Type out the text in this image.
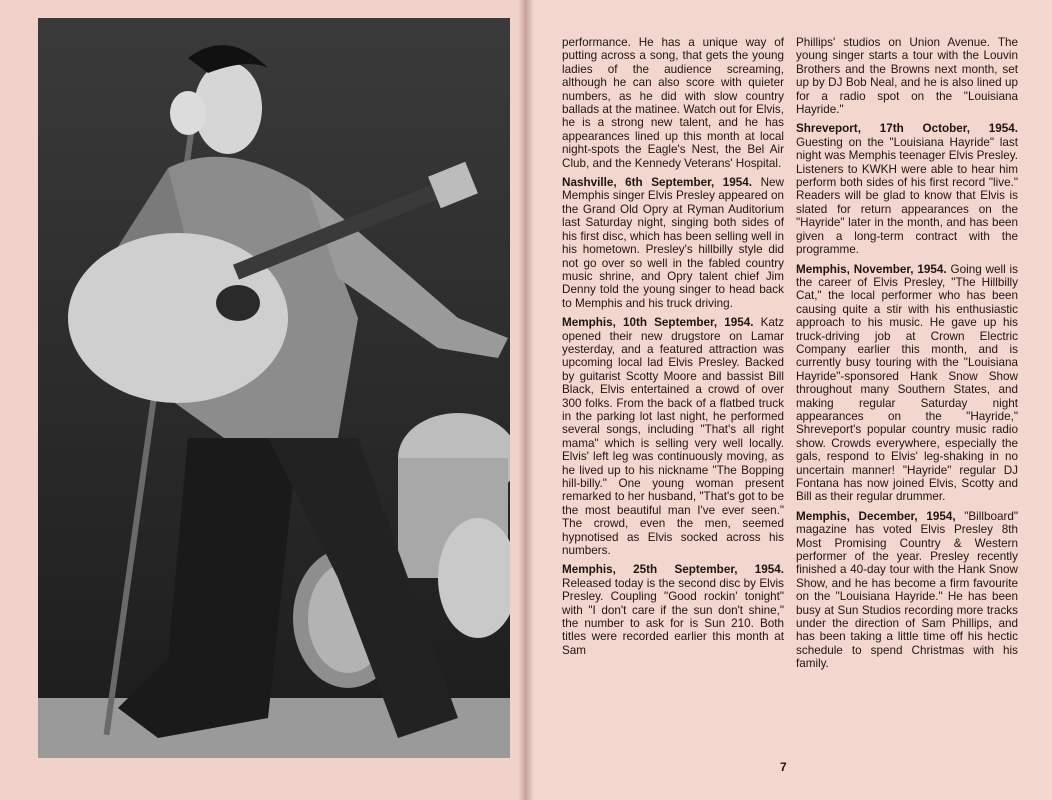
performance. He has a unique way of putting across a song, that gets the young ladies of the audience screaming, although he can also score with quieter numbers, as he did with slow country ballads at the matinee. Watch out for Elvis, he is a strong new talent, and he has appearances lined up this month at local night-spots the Eagle's Nest, the Bel Air Club, and the Kennedy Veterans' Hospital.

Nashville, 6th September, 1954. New Memphis singer Elvis Presley appeared on the Grand Old Opry at Ryman Auditorium last Saturday night, singing both sides of his first disc, which has been selling well in his hometown. Presley's hillbilly style did not go over so well in the fabled country music shrine, and Opry talent chief Jim Denny told the young singer to head back to Memphis and his truck driving.

Memphis, 10th September, 1954. Katz opened their new drugstore on Lamar yesterday, and a featured attraction was upcoming local lad Elvis Presley. Backed by guitarist Scotty Moore and bassist Bill Black, Elvis entertained a crowd of over 300 folks. From the back of a flatbed truck in the parking lot last night, he performed several songs, including "That's all right mama" which is selling very well locally. Elvis' left leg was continuously moving, as he lived up to his nickname "The Bopping hill-billy." One young woman present remarked to her husband, "That's got to be the most beautiful man I've ever seen." The crowd, even the men, seemed hypnotised as Elvis socked across his numbers.

Memphis, 25th September, 1954. Released today is the second disc by Elvis Presley. Coupling "Good rockin' tonight" with "I don't care if the sun don't shine," the number to ask for is Sun 210. Both titles were recorded earlier this month at Sam

Phillips' studios on Union Avenue. The young singer starts a tour with the Louvin Brothers and the Browns next month, set up by DJ Bob Neal, and he is also lined up for a radio spot on the "Louisiana Hayride."

Shreveport, 17th October, 1954. Guesting on the "Louisiana Hayride" last night was Memphis teenager Elvis Presley. Listeners to KWKH were able to hear him perform both sides of his first record "live." Readers will be glad to know that Elvis is slated for return appearances on the "Hayride" later in the month, and has been given a long-term contract with the programme.

Memphis, November, 1954. Going well is the career of Elvis Presley, "The Hillbilly Cat," the local performer who has been causing quite a stir with his enthusiastic approach to his music. He gave up his truck-driving job at Crown Electric Company earlier this month, and is currently busy touring with the "Louisiana Hayride"-sponsored Hank Snow Show throughout many Southern States, and making regular Saturday night appearances on the "Hayride," Shreveport's popular country music radio show. Crowds everywhere, especially the gals, respond to Elvis' leg-shaking in no uncertain manner! "Hayride" regular DJ Fontana has now joined Elvis, Scotty and Bill as their regular drummer.

Memphis, December, 1954, "Billboard" magazine has voted Elvis Presley 8th Most Promising Country & Western performer of the year. Presley recently finished a 40-day tour with the Hank Snow Show, and he has become a firm favourite on the "Louisiana Hayride." He has been busy at Sun Studios recording more tracks under the direction of Sam Phillips, and has been taking a little time off his hectic schedule to spend Christmas with his family.

7
